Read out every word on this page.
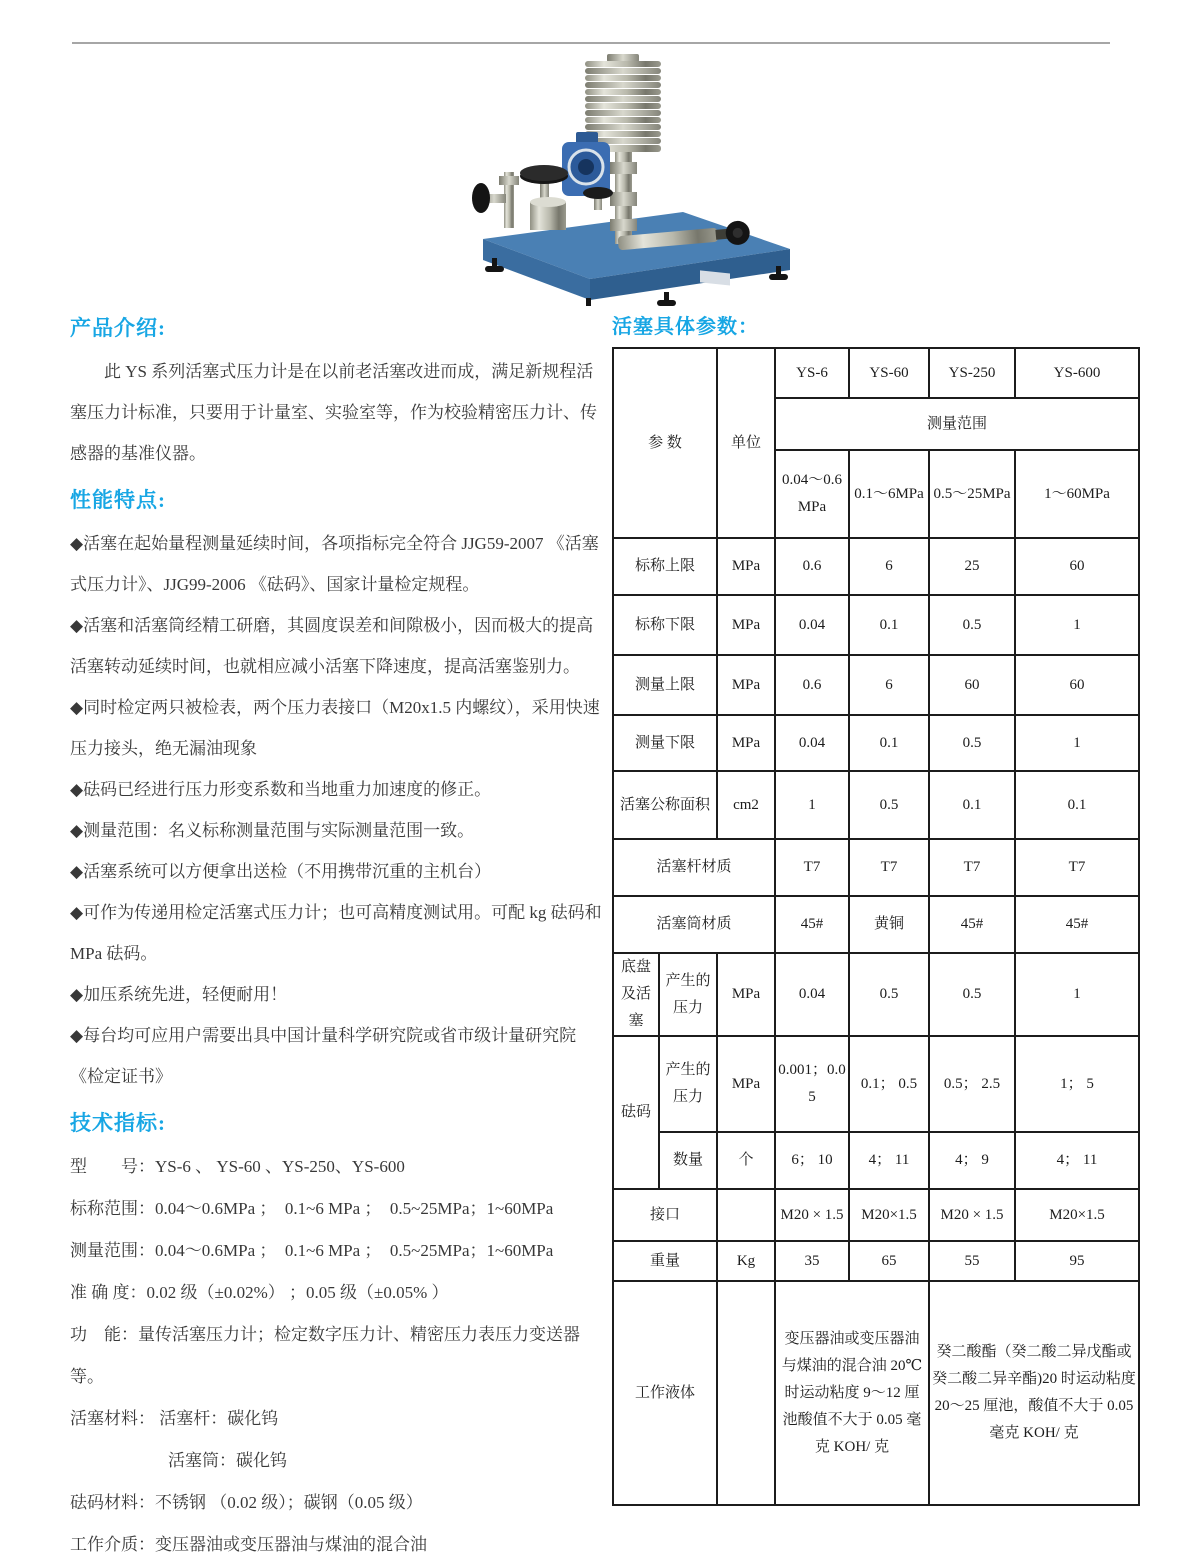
产品介绍:

此 YS 系列活塞式压力计是在以前老活塞改进而成，满足新规程活塞压力计标准，只要用于计量室、实验室等，作为校验精密压力计、传感器的基准仪器。

性能特点:

◆活塞在起始量程测量延续时间，各项指标完全符合 JJG59-2007 《活塞式压力计》、JJG99-2006 《砝码》、国家计量检定规程。

◆活塞和活塞筒经精工研磨，其圆度误差和间隙极小，因而极大的提高活塞转动延续时间，也就相应减小活塞下降速度，提高活塞鉴别力。

◆同时检定两只被检表，两个压力表接口（M20x1.5 内螺纹），采用快速压力接头，绝无漏油现象

◆砝码已经进行压力形变系数和当地重力加速度的修正。

◆测量范围：名义标称测量范围与实际测量范围一致。

◆活塞系统可以方便拿出送检（不用携带沉重的主机台）

◆可作为传递用检定活塞式压力计；也可高精度测试用。可配 kg 砝码和 MPa 砝码。

◆加压系统先进，轻便耐用！

◆每台均可应用户需要出具中国计量科学研究院或省市级计量研究院《检定证书》

技术指标:

型　　号：YS-6 、 YS-60 、YS-250、YS-600

标称范围：0.04～0.6MPa ；　0.1~6 MPa ；　0.5~25MPa；1~60MPa

测量范围：0.04～0.6MPa ；　0.1~6 MPa ；　0.5~25MPa；1~60MPa

准 确 度：0.02 级（±0.02%） ；0.05 级（±0.05% ）

功　能：量传活塞压力计；检定数字压力计、精密压力表压力变送器等。

活塞材料： 活塞杆：碳化钨

活塞筒：碳化钨

砝码材料：不锈钢 （0.02 级）；碳钢（0.05 级）

工作介质：变压器油或变压器油与煤油的混合油

活塞具体参数：
参 数		单位	YS-6	YS-60	YS-250	YS-600
			测量范围			
			0.04～0.6MPa	0.1～6MPa	0.5～25MPa	1～60MPa
标称上限		MPa	0.6	6	25	60
标称下限		MPa	0.04	0.1	0.5	1
测量上限		MPa	0.6	6	60	60
测量下限		MPa	0.04	0.1	0.5	1
活塞公称面积		cm2	1	0.5	0.1	0.1
活塞杆材质			T7	T7	T7	T7
活塞筒材质			45#	黄铜	45#	45#
底盘及活塞	产生的压力	MPa	0.04	0.5	0.5	1
砝码	产生的压力	MPa	0.001；0.05	0.1； 0.5	0.5； 2.5	1； 5
	数量	个	6； 10	4； 11	4； 9	4； 11
接口			M20 × 1.5	M20×1.5	M20 × 1.5	M20×1.5
重量		Kg	35	65	55	95
工作液体			变压器油或变压器油与煤油的混合油 20℃ 时运动粘度 9～12 厘池酸值不大于 0.05 毫克 KOH/ 克		癸二酸酯（癸二酸二异戊酯或癸二酸二异辛酯)20 时运动粘度 20～25 厘池，酸值不大于 0.05 毫克 KOH/ 克	
